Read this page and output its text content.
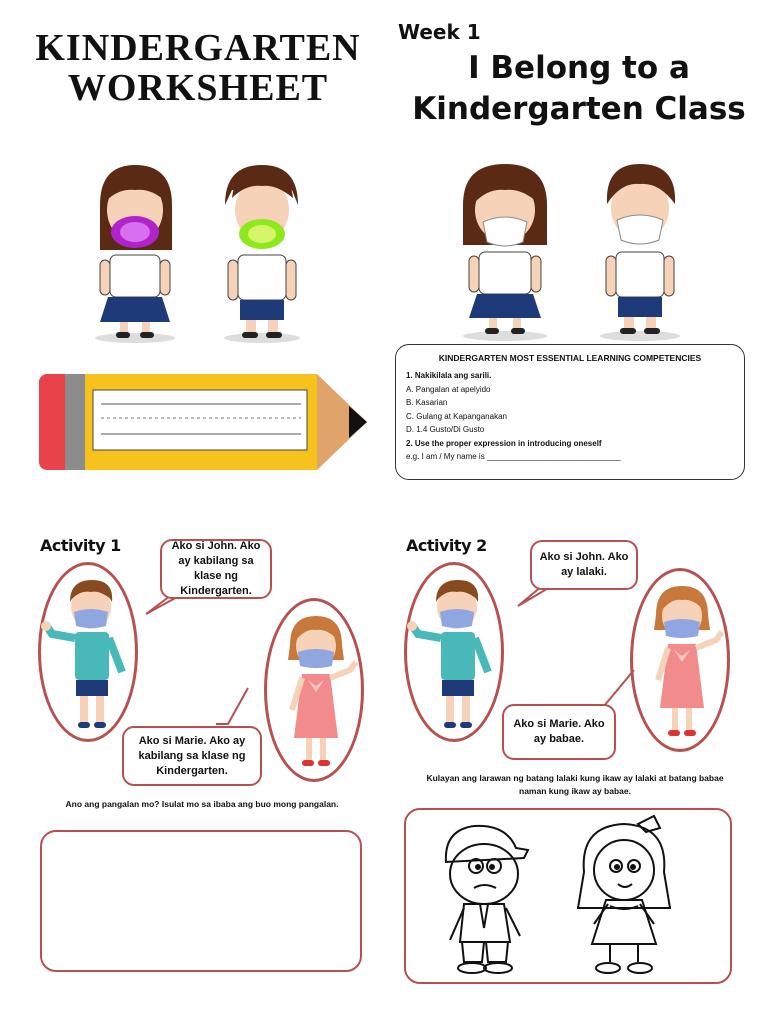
KINDERGARTEN
WORKSHEET
Week 1
I Belong to a
Kindergarten Class
KINDERGARTEN MOST ESSENTIAL LEARNING COMPETENCIES
1. Nakikilala ang sarili.
A. Pangalan at apelyido
B. Kasarian
C. Gulang at Kapanganakan
D. 1.4 Gusto/Di Gusto
2. Use the proper expression in introducing oneself
e.g. I am / My name is ______________________________
Activity 1	Ako si John. Ako ay kabilang sa klase ng Kindergarten.
Ako si Marie. Ako ay kabilang sa klase ng Kindergarten.
Ano ang pangalan mo? Isulat mo sa ibaba ang buo mong pangalan.
Activity 2
Ako si John. Ako ay lalaki.
Ako si Marie. Ako ay babae.
Kulayan ang larawan ng batang lalaki kung ikaw ay lalaki at batang babae naman kung ikaw ay babae.
